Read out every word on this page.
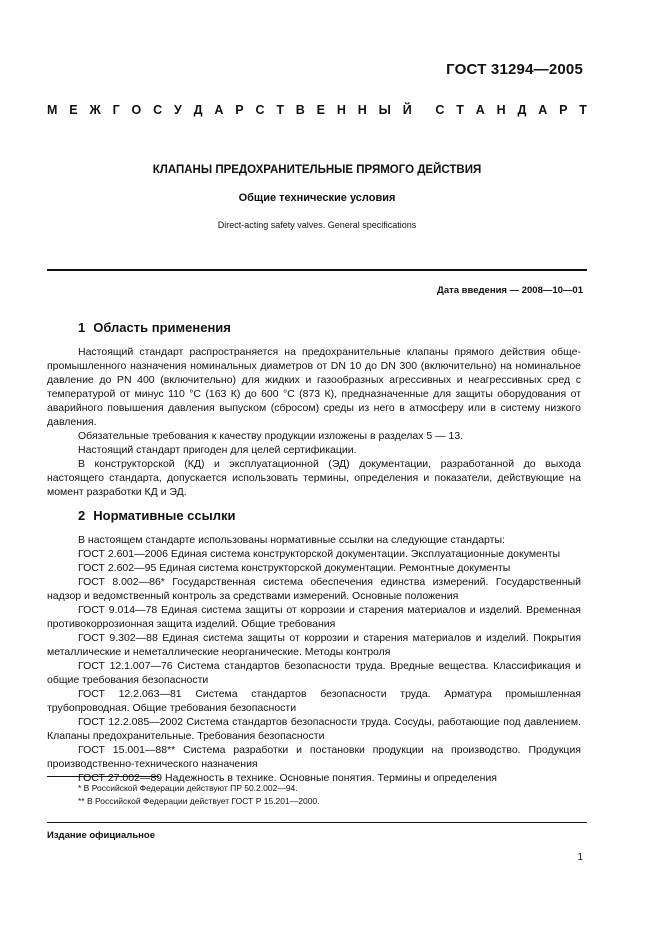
ГОСТ 31294—2005
М Е Ж Г О С У Д А Р С Т В Е Н Н Ы Й С Т А Н Д А Р Т
КЛАПАНЫ ПРЕДОХРАНИТЕЛЬНЫЕ ПРЯМОГО ДЕЙСТВИЯ
Общие технические условия
Direct-acting safety valves. General specifications
Дата введения — 2008—10—01
1 Область применения

Настоящий стандарт распространяется на предохранительные клапаны прямого действия обще-промышленного назначения номинальных диаметров от DN 10 до DN 300 (включительно) на номинальное давление до PN 400 (включительно) для жидких и газообразных агрессивных и неагрессивных сред с температурой от минус 110 °С (163 К) до 600 °С (873 К), предназначенные для защиты оборудования от аварийного повышения давления выпуском (сбросом) среды из него в атмосферу или в систему низкого давления.

Обязательные требования к качеству продукции изложены в разделах 5 — 13.

Настоящий стандарт пригоден для целей сертификации.

В конструкторской (КД) и эксплуатационной (ЭД) документации, разработанной до выхода настоящего стандарта, допускается использовать термины, определения и показатели, действующие на момент разработки КД и ЭД.

2 Нормативные ссылки

В настоящем стандарте использованы нормативные ссылки на следующие стандарты:

ГОСТ 2.601—2006 Единая система конструкторской документации. Эксплуатационные документы

ГОСТ 2.602—95 Единая система конструкторской документации. Ремонтные документы

ГОСТ 8.002—86* Государственная система обеспечения единства измерений. Государственный надзор и ведомственный контроль за средствами измерений. Основные положения

ГОСТ 9.014—78 Единая система защиты от коррозии и старения материалов и изделий. Временная противокоррозионная защита изделий. Общие требования

ГОСТ 9.302—88 Единая система защиты от коррозии и старения материалов и изделий. Покрытия металлические и неметаллические неорганические. Методы контроля

ГОСТ 12.1.007—76 Система стандартов безопасности труда. Вредные вещества. Классификация и общие требования безопасности

ГОСТ 12.2.063—81 Система стандартов безопасности труда. Арматура промышленная трубопроводная. Общие требования безопасности

ГОСТ 12.2.085—2002 Система стандартов безопасности труда. Сосуды, работающие под давлением. Клапаны предохранительные. Требования безопасности

ГОСТ 15.001—88** Система разработки и постановки продукции на производство. Продукция производственно-технического назначения

ГОСТ 27.002—89 Надежность в технике. Основные понятия. Термины и определения

* В Российской Федерации действуют ПР 50.2.002—94.
** В Российской Федерации действует ГОСТ Р 15.201—2000.
Издание официальное
1
